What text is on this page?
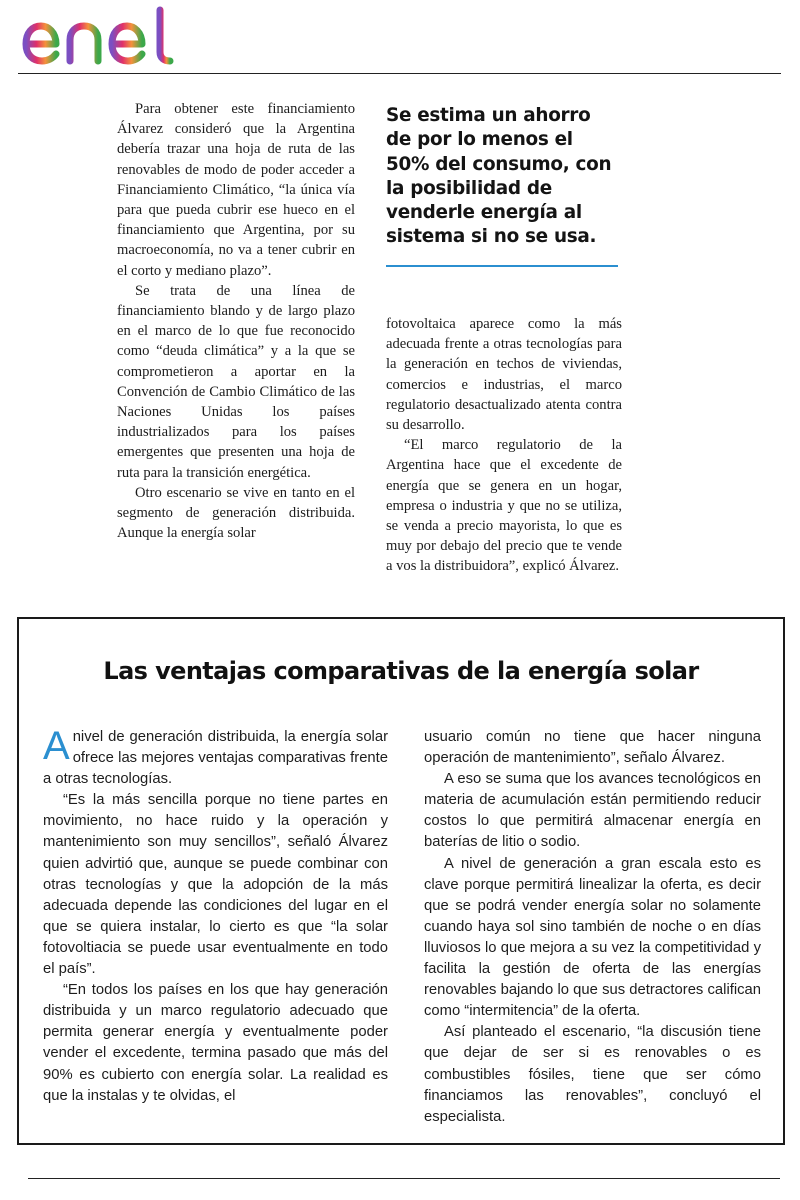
enel

Para obtener este financiamiento Álvarez consideró que la Argentina debería trazar una hoja de ruta de las renovables de modo de poder acceder a Financiamiento Climático, “la única vía para que pueda cubrir ese hueco en el financiamiento que Argentina, por su macroeconomía, no va a tener cubrir en el corto y mediano plazo”.

Se trata de una línea de financiamiento blando y de largo plazo en el marco de lo que fue reconocido como “deuda climática” y a la que se comprometieron a aportar en la Convención de Cambio Climático de las Naciones Unidas los países industrializados para los países emergentes que presenten una hoja de ruta para la transición energética.

Otro escenario se vive en tanto en el segmento de generación distribuida. Aunque la energía solar

Se estima un ahorro de por lo menos el 50% del consumo, con la posibilidad de venderle energía al sistema si no se usa.

fotovoltaica aparece como la más adecuada frente a otras tecnologías para la generación en techos de viviendas, comercios e industrias, el marco regulatorio desactualizado atenta contra su desarrollo.

“El marco regulatorio de la Argentina hace que el excedente de energía que se genera en un hogar, empresa o industria y que no se utiliza, se venda a precio mayorista, lo que es muy por debajo del precio que te vende a vos la distribuidora”, explicó Álvarez.

Las ventajas comparativas de la energía solar

Anivel de generación distribuida, la energía solar ofrece las mejores ventajas comparativas frente a otras tecnologías.

“Es la más sencilla porque no tiene partes en movimiento, no hace ruido y la operación y mantenimiento son muy sencillos”, señaló Álvarez quien advirtió que, aunque se puede combinar con otras tecnologías y que la adopción de la más adecuada depende las condiciones del lugar en el que se quiera instalar, lo cierto es que “la solar fotovoltiacia se puede usar eventualmente en todo el país”.

“En todos los países en los que hay generación distribuida y un marco regulatorio adecuado que permita generar energía y eventualmente poder vender el excedente, termina pasado que más del 90% es cubierto con energía solar. La realidad es que la instalas y te olvidas, el

usuario común no tiene que hacer ninguna operación de mantenimiento”, señalo Álvarez.

A eso se suma que los avances tecnológicos en materia de acumulación están permitiendo reducir costos lo que permitirá almacenar energía en baterías de litio o sodio.

A nivel de generación a gran escala esto es clave porque permitirá linealizar la oferta, es decir que se podrá vender energía solar no solamente cuando haya sol sino también de noche o en días lluviosos lo que mejora a su vez la competitividad y facilita la gestión de oferta de las energías renovables bajando lo que sus detractores califican como “intermitencia” de la oferta.

Así planteado el escenario, “la discusión tiene que dejar de ser si es renovables o es combustibles fósiles, tiene que ser cómo financiamos las renovables”, concluyó el especialista.
